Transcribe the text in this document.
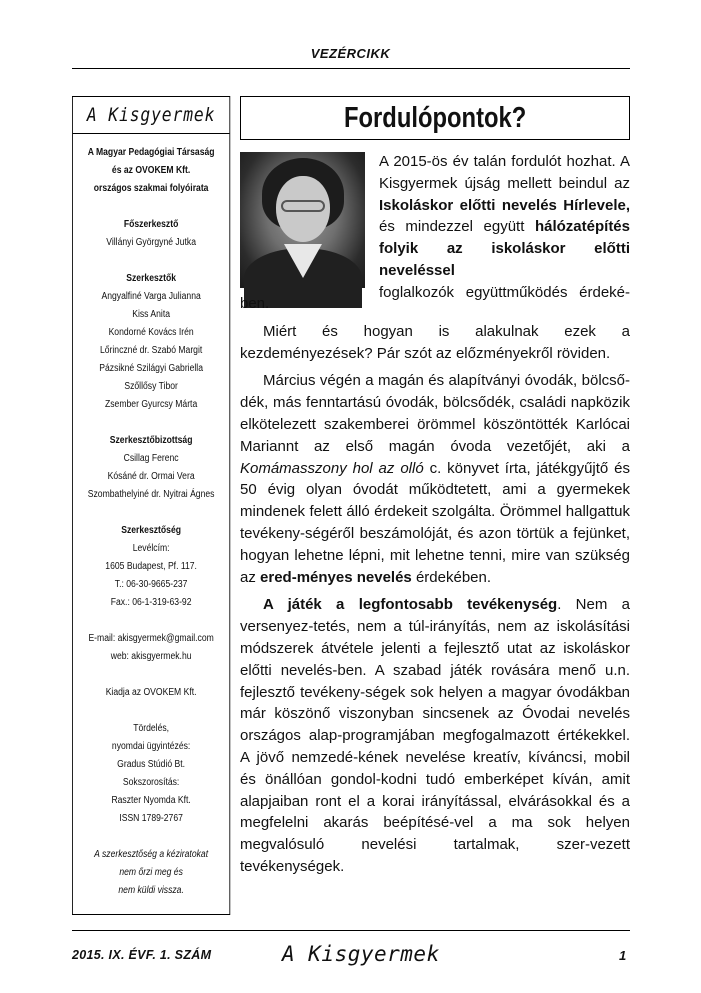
VEZÉRCIKK
A Kisgyermek

A Magyar Pedagógiai Társaság

és az OVOKEM Kft.

országos szakmai folyóirata

Főszerkesztő

Villányi Györgyné Jutka

Szerkesztők

Angyalfiné Varga Julianna

Kiss Anita

Kondorné Kovács Irén

Lőrinczné dr. Szabó Margit

Pázsikné Szilágyi Gabriella

Szőllősy Tibor

Zsember Gyurcsy Márta

Szerkesztőbizottság

Csillag Ferenc

Kósáné dr. Ormai Vera

Szombathelyiné dr. Nyitrai Ágnes

Szerkesztőség

Levélcím:

1605 Budapest, Pf. 117.

T.: 06-30-9665-237

Fax.: 06-1-319-63-92

E-mail: akisgyermek@gmail.com

web: akisgyermek.hu

Kiadja az OVOKEM Kft.

Tördelés,

nyomdai ügyintézés:

Gradus Stúdió Bt.

Sokszorosítás:

Raszter Nyomda Kft.

ISSN 1789-2767

A szerkesztőség a kéziratokat

nem őrzi meg és

nem küldi vissza.

Fordulópontok?

A 2015-ös év talán fordulót hozhat. A

Kisgyermek újság mellett beindul az

Iskoláskor előtti nevelés Hírlevele,

és mindezzel együtt hálózatépítés

folyik az iskoláskor előtti neveléssel

foglalkozók együttműködés érdeké-

ben.

Miért és hogyan is alakulnak ezek a kezdeményezések? Pár szót az előzményekről röviden.

Március végén a magán és alapítványi óvodák, bölcső-dék, más fenntartású óvodák, bölcsődék, családi napközik elkötelezett szakemberei örömmel köszöntötték Karlócai Mariannt az első magán óvoda vezetőjét, aki a Komámasszony hol az olló c. könyvet írta, játékgyűjtő és 50 évig olyan óvodát működtetett, ami a gyermekek mindenek felett álló érdekeit szolgálta. Örömmel hallgattuk tevékeny-ségéről beszámolóját, és azon törtük a fejünket, hogyan lehetne lépni, mit lehetne tenni, mire van szükség az ered-ményes nevelés érdekében.

A játék a legfontosabb tevékenység. Nem a versenyez-tetés, nem a túl-irányítás, nem az iskolásítási módszerek átvétele jelenti a fejlesztő utat az iskoláskor előtti nevelés-ben. A szabad játék rovására menő u.n. fejlesztő tevékeny-ségek sok helyen a magyar óvodákban már köszönő viszonyban sincsenek az Óvodai nevelés országos alap-programjában megfogalmazott értékekkel. A jövő nemzedé-kének nevelése kreatív, kíváncsi, mobil és önállóan gondol-kodni tudó emberképet kíván, amit alapjaiban ront el a korai irányítással, elvárásokkal és a megfelelni akarás beépítésé-vel a ma sok helyen megvalósuló nevelési tartalmak, szer-vezett tevékenységek.

2015. IX. ÉVF. 1. SZÁM	A Kisgyermek	1
